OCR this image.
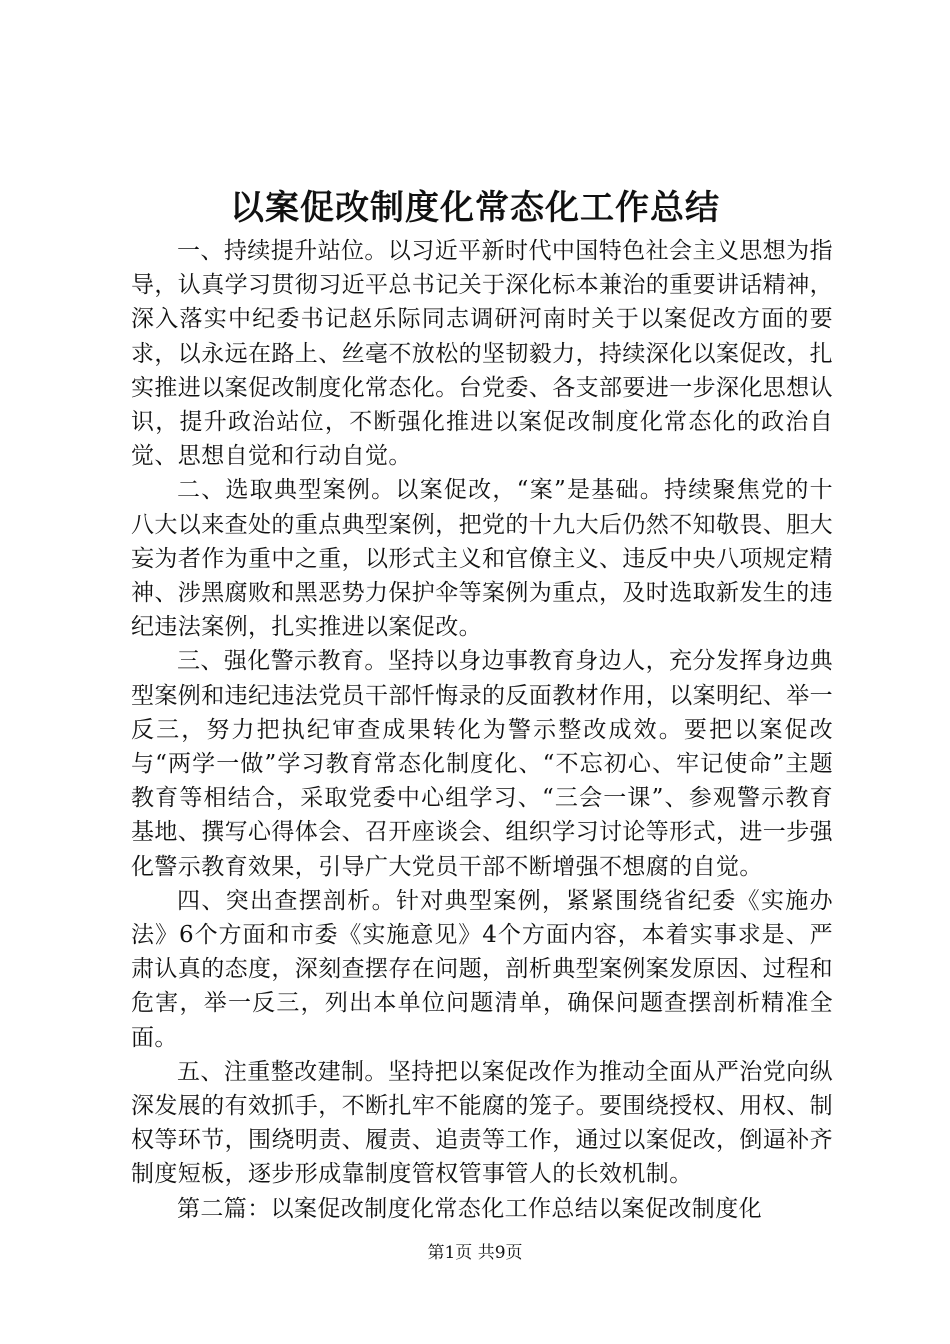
以案促改制度化常态化工作总结

一、持续提升站位。以习近平新时代中国特色社会主义思想为指导，认真学习贯彻习近平总书记关于深化标本兼治的重要讲话精神，深入落实中纪委书记赵乐际同志调研河南时关于以案促改方面的要求，以永远在路上、丝毫不放松的坚韧毅力，持续深化以案促改，扎实推进以案促改制度化常态化。台党委、各支部要进一步深化思想认识，提升政治站位，不断强化推进以案促改制度化常态化的政治自觉、思想自觉和行动自觉。

二、选取典型案例。以案促改，“案”是基础。持续聚焦党的十八大以来查处的重点典型案例，把党的十九大后仍然不知敬畏、胆大妄为者作为重中之重，以形式主义和官僚主义、违反中央八项规定精神、涉黑腐败和黑恶势力保护伞等案例为重点，及时选取新发生的违纪违法案例，扎实推进以案促改。

三、强化警示教育。坚持以身边事教育身边人，充分发挥身边典型案例和违纪违法党员干部忏悔录的反面教材作用，以案明纪、举一反三，努力把执纪审查成果转化为警示整改成效。要把以案促改与“两学一做”学习教育常态化制度化、“不忘初心、牢记使命”主题教育等相结合，采取党委中心组学习、“三会一课”、参观警示教育基地、撰写心得体会、召开座谈会、组织学习讨论等形式，进一步强化警示教育效果，引导广大党员干部不断增强不想腐的自觉。

四、突出查摆剖析。针对典型案例，紧紧围绕省纪委《实施办法》6个方面和市委《实施意见》4个方面内容，本着实事求是、严肃认真的态度，深刻查摆存在问题，剖析典型案例案发原因、过程和危害，举一反三，列出本单位问题清单，确保问题查摆剖析精准全面。

五、注重整改建制。坚持把以案促改作为推动全面从严治党向纵深发展的有效抓手，不断扎牢不能腐的笼子。要围绕授权、用权、制权等环节，围绕明责、履责、追责等工作，通过以案促改，倒逼补齐制度短板，逐步形成靠制度管权管事管人的长效机制。

第二篇：以案促改制度化常态化工作总结以案促改制度化

第1页 共9页
